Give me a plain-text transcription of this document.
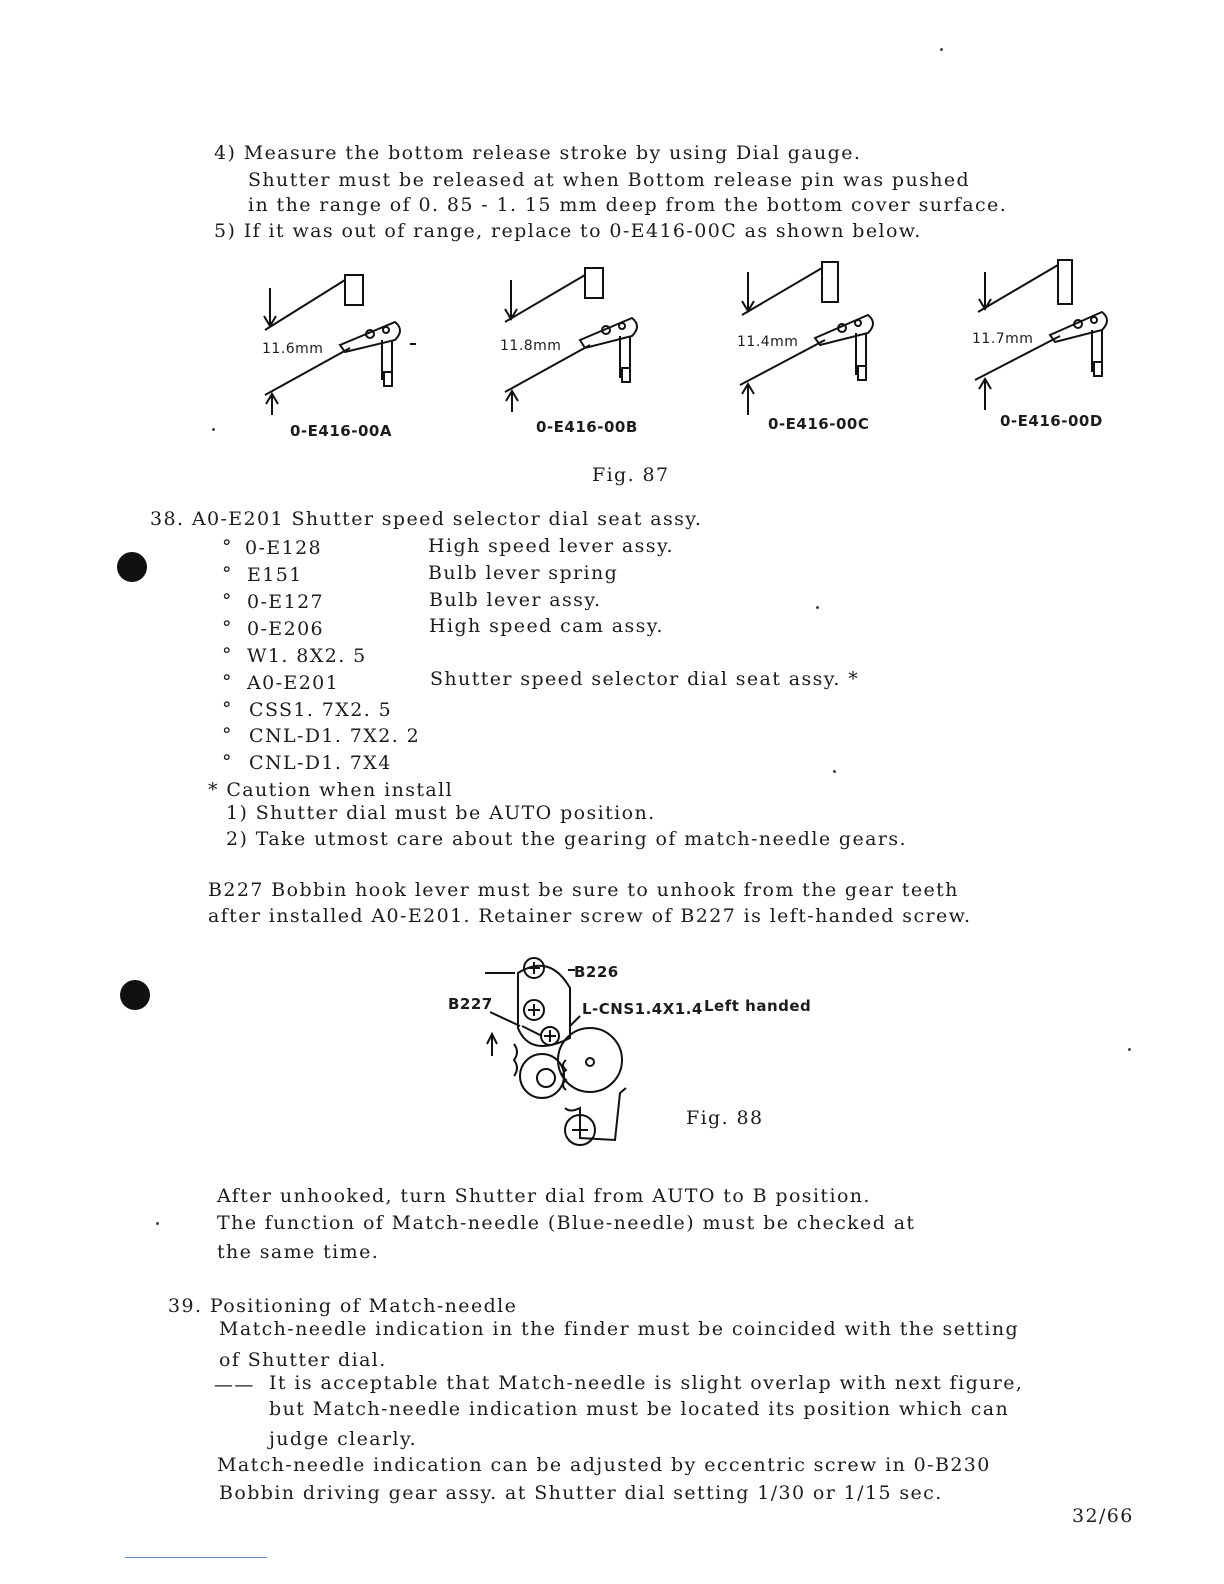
4) Measure the bottom release stroke by using Dial gauge.
Shutter must be released at when Bottom release pin was pushed
in the range of 0. 85 - 1. 15 mm deep from the bottom cover surface.
5) If it was out of range, replace to 0-E416-00C as shown below.
11.6mm	11.8mm	11.4mm	11.7mm
0-E416-00A	0-E416-00B	0-E416-00C	0-E416-00D
Fig. 87
38. A0-E201 Shutter speed selector dial seat assy.
° 0-E128	High speed lever assy.
° E151	Bulb lever spring
° 0-E127	Bulb lever assy.
° 0-E206	High speed cam assy.
° W1. 8X2. 5
° A0-E201	Shutter speed selector dial seat assy. *
° CSS1. 7X2. 5
° CNL-D1. 7X2. 2
° CNL-D1. 7X4
* Caution when install
1) Shutter dial must be AUTO position.
2) Take utmost care about the gearing of match-needle gears.
B227 Bobbin hook lever must be sure to unhook from the gear teeth
after installed A0-E201. Retainer screw of B227 is left-handed screw.
B226
B227	L-CNS1.4X1.4 Left handed
Fig. 88
After unhooked, turn Shutter dial from AUTO to B position.
The function of Match-needle (Blue-needle) must be checked at
the same time.
39. Positioning of Match-needle
Match-needle indication in the finder must be coincided with the setting
of Shutter dial.
—— It is acceptable that Match-needle is slight overlap with next figure,
but Match-needle indication must be located its position which can
judge clearly.
Match-needle indication can be adjusted by eccentric screw in 0-B230
Bobbin driving gear assy. at Shutter dial setting 1/30 or 1/15 sec.
32/66
